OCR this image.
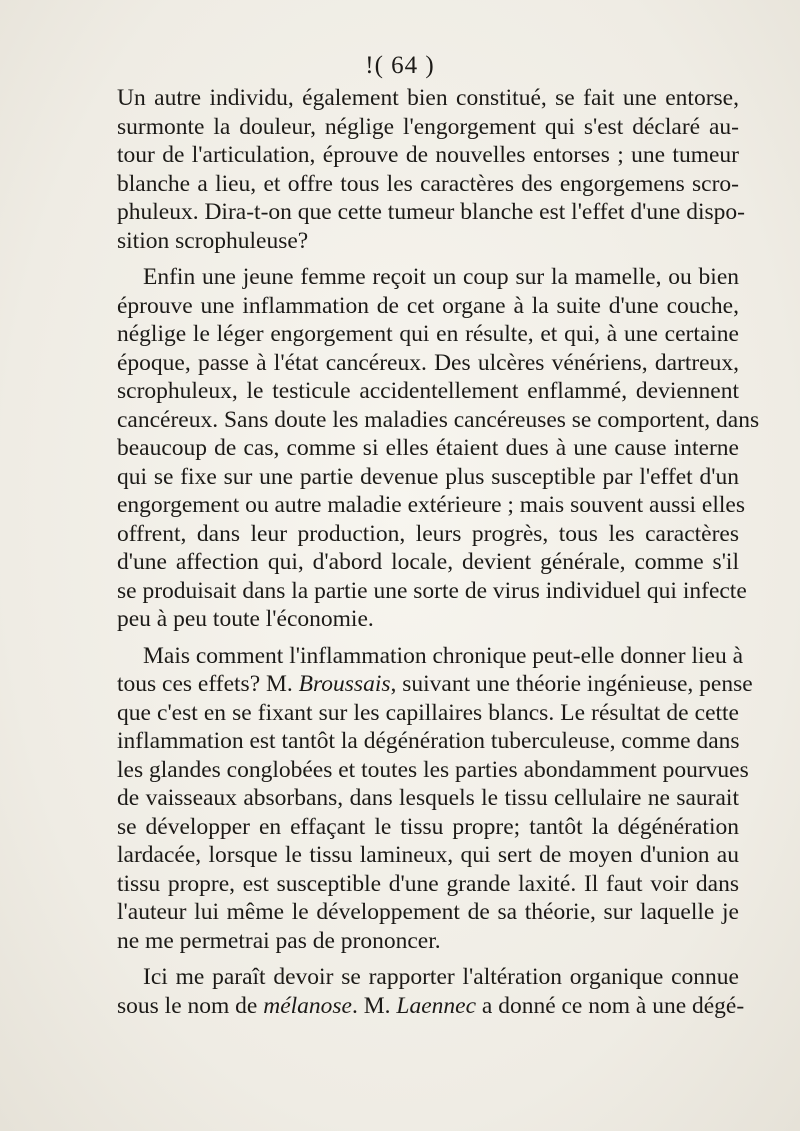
!( 64 )
Un autre individu, également bien constitué, se fait une entorse,
surmonte la douleur, néglige l'engorgement qui s'est déclaré au-
tour de l'articulation, éprouve de nouvelles entorses ; une tumeur
blanche a lieu, et offre tous les caractères des engorgemens scro-
phuleux. Dira-t-on que cette tumeur blanche est l'effet d'une dispo-
sition scrophuleuse?
Enfin une jeune femme reçoit un coup sur la mamelle, ou bien
éprouve une inflammation de cet organe à la suite d'une couche,
néglige le léger engorgement qui en résulte, et qui, à une certaine
époque, passe à l'état cancéreux. Des ulcères vénériens, dartreux,
scrophuleux, le testicule accidentellement enflammé, deviennent
cancéreux. Sans doute les maladies cancéreuses se comportent, dans
beaucoup de cas, comme si elles étaient dues à une cause interne
qui se fixe sur une partie devenue plus susceptible par l'effet d'un
engorgement ou autre maladie extérieure ; mais souvent aussi elles
offrent, dans leur production, leurs progrès, tous les caractères
d'une affection qui, d'abord locale, devient générale, comme s'il
se produisait dans la partie une sorte de virus individuel qui infecte
peu à peu toute l'économie.
Mais comment l'inflammation chronique peut-elle donner lieu à
tous ces effets? M. Broussais, suivant une théorie ingénieuse, pense
que c'est en se fixant sur les capillaires blancs. Le résultat de cette
inflammation est tantôt la dégénération tuberculeuse, comme dans
les glandes conglobées et toutes les parties abondamment pourvues
de vaisseaux absorbans, dans lesquels le tissu cellulaire ne saurait
se développer en effaçant le tissu propre; tantôt la dégénération
lardacée, lorsque le tissu lamineux, qui sert de moyen d'union au
tissu propre, est susceptible d'une grande laxité. Il faut voir dans
l'auteur lui même le développement de sa théorie, sur laquelle je
ne me permetrai pas de prononcer.
Ici me paraît devoir se rapporter l'altération organique connue
sous le nom de mélanose. M. Laennec a donné ce nom à une dégé-
